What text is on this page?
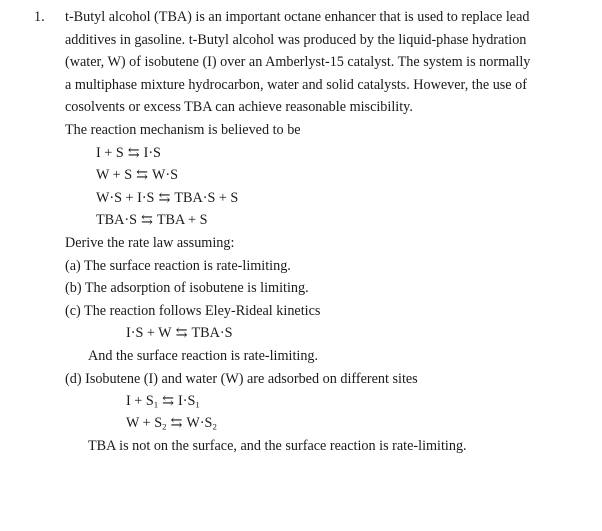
1. t-Butyl alcohol (TBA) is an important octane enhancer that is used to replace lead
additives in gasoline. t-Butyl alcohol was produced by the liquid-phase hydration
(water, W) of isobutene (I) over an Amberlyst-15 catalyst. The system is normally
a multiphase mixture hydrocarbon, water and solid catalysts. However, the use of
cosolvents or excess TBA can achieve reasonable miscibility.
The reaction mechanism is believed to be
I + S ⇆ I·S
W + S ⇆ W·S
W·S + I·S ⇆ TBA·S + S
TBA·S ⇆ TBA + S
Derive the rate law assuming:
(a) The surface reaction is rate-limiting.
(b) The adsorption of isobutene is limiting.
(c) The reaction follows Eley-Rideal kinetics
I·S + W ⇆ TBA·S
And the surface reaction is rate-limiting.
(d) Isobutene (I) and water (W) are adsorbed on different sites
$I + S_1$ ⇆ $I\cdot S_1$
$W + S_2$ ⇆ $W\cdot S_2$
TBA is not on the surface, and the surface reaction is rate-limiting.
